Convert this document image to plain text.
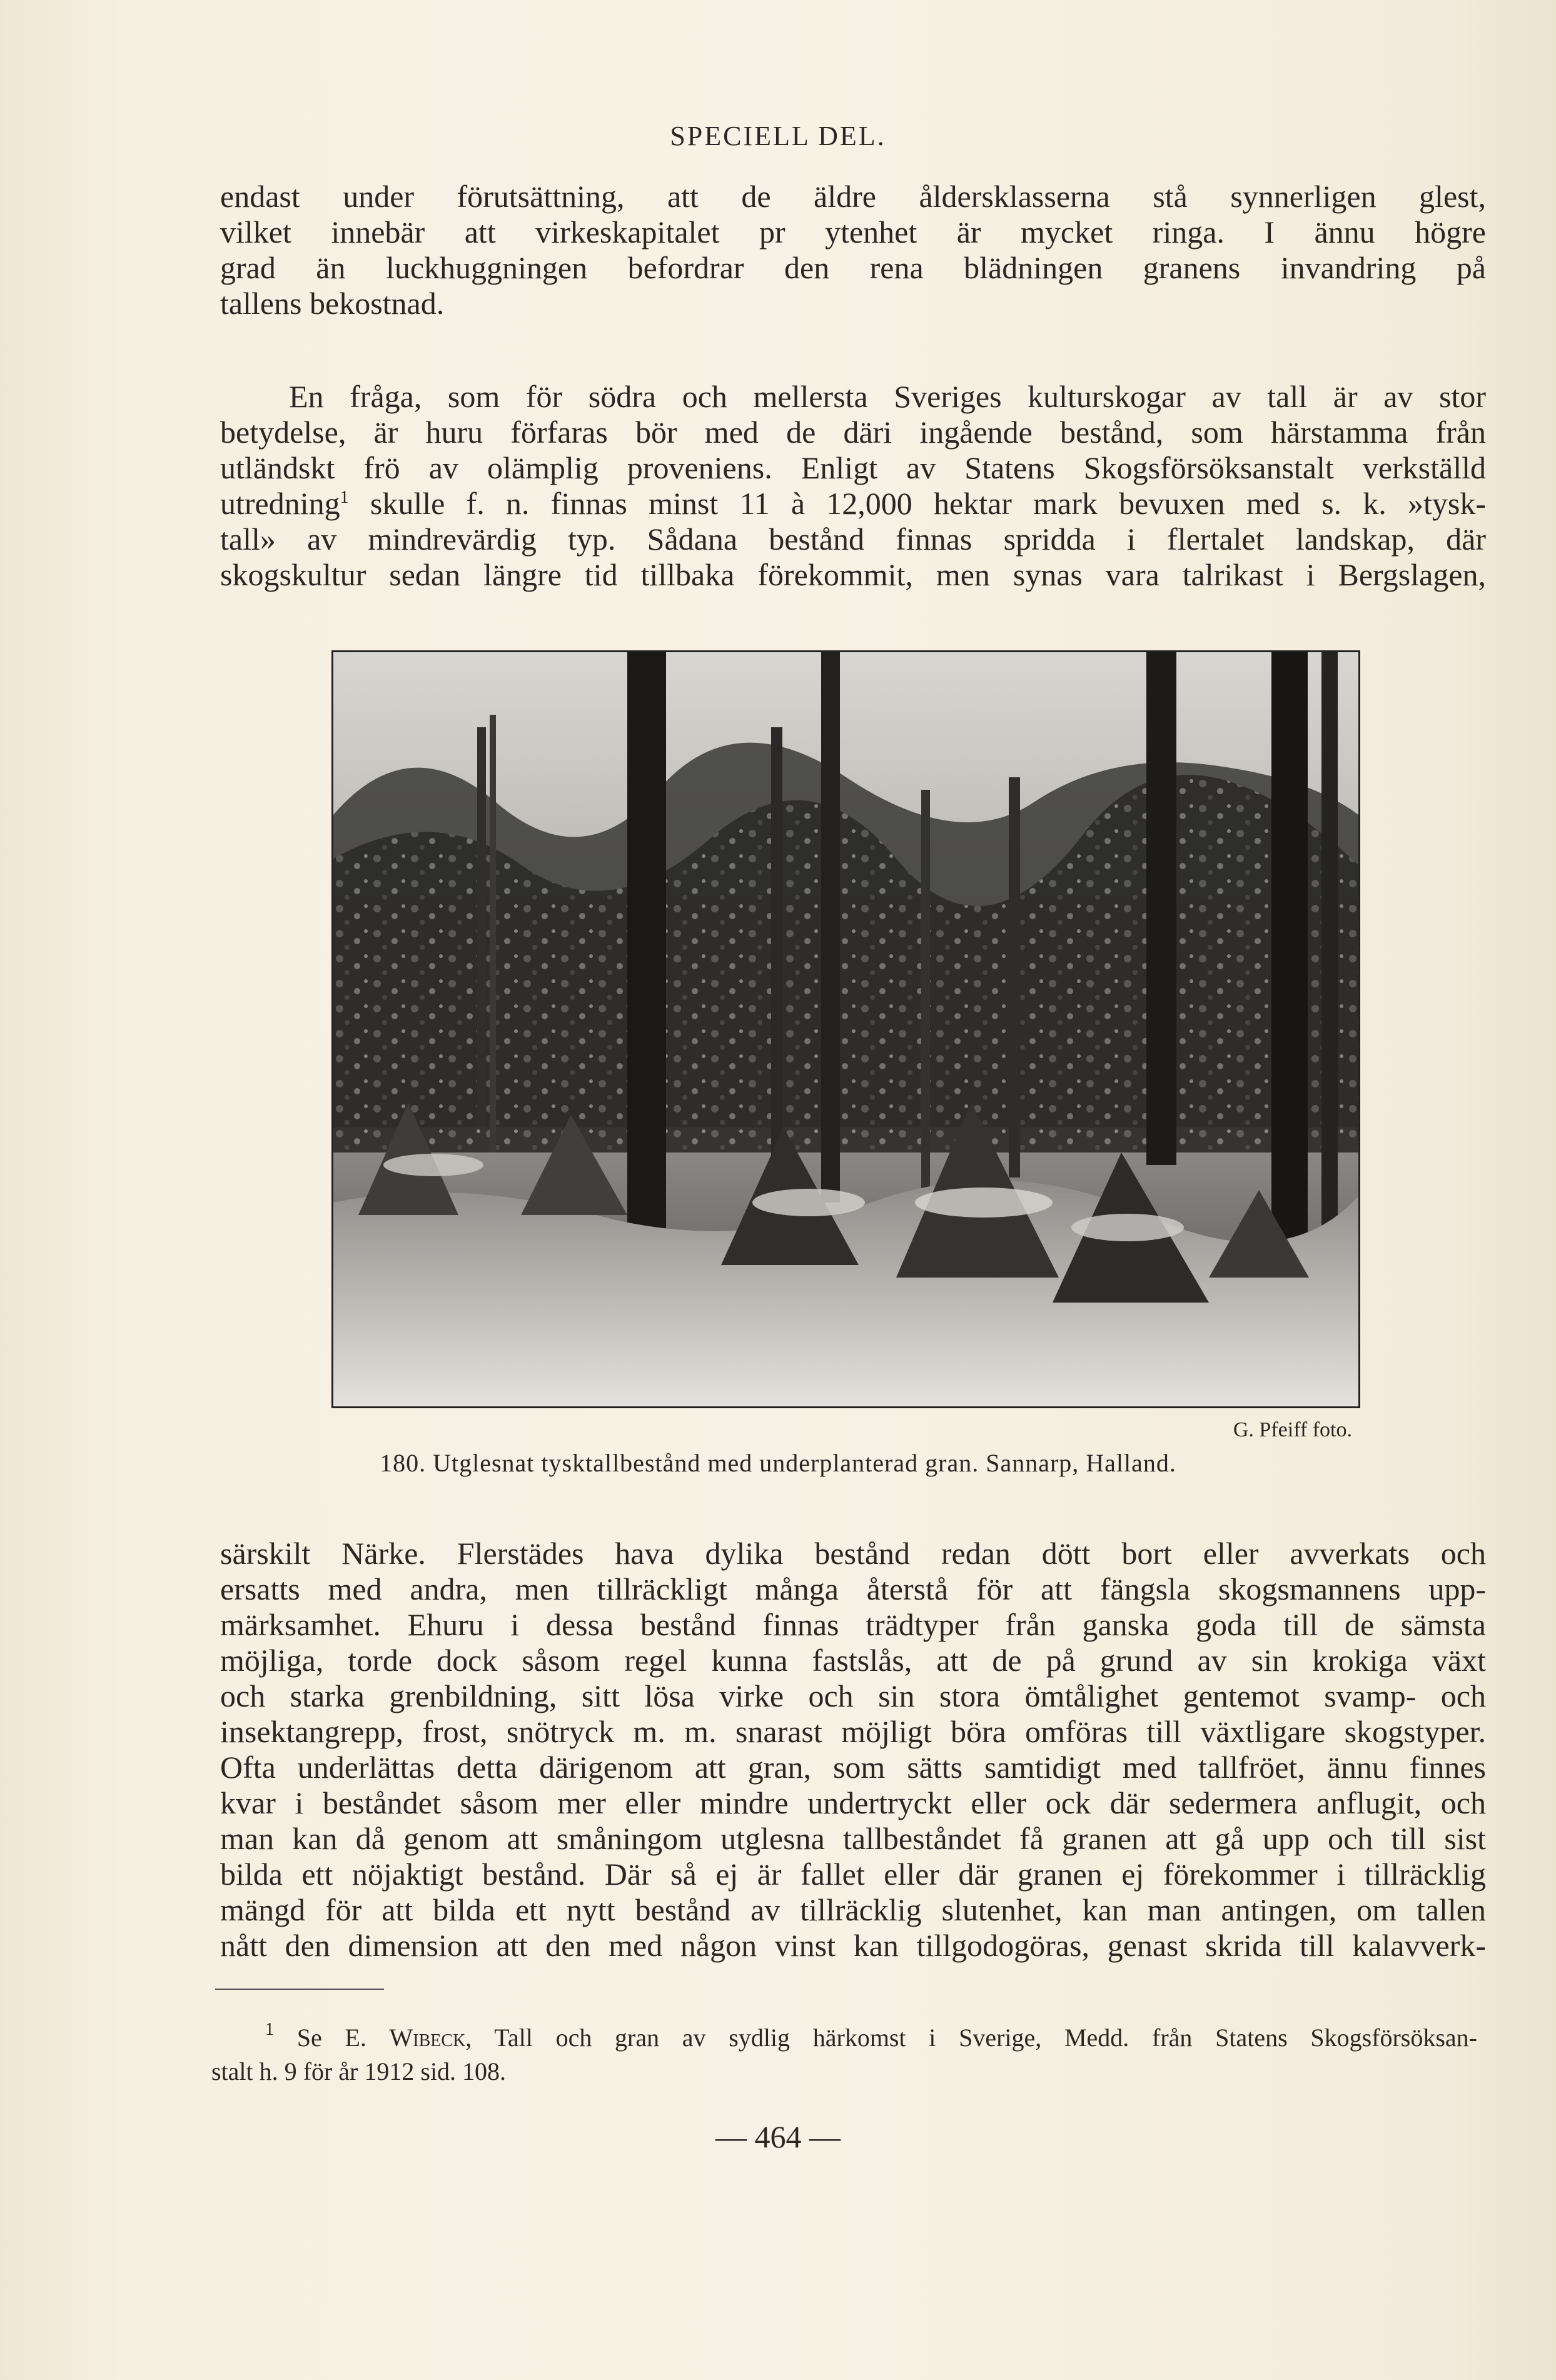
SPECIELL DEL.
endast under förutsättning, att de äldre åldersklasserna stå synnerligen glest,
vilket innebär att virkeskapitalet pr ytenhet är mycket ringa. I ännu högre
grad än luckhuggningen befordrar den rena blädningen granens invandring på
tallens bekostnad.
En fråga, som för södra och mellersta Sveriges kulturskogar av tall är av stor
betydelse, är huru förfaras bör med de däri ingående bestånd, som härstamma från
utländskt frö av olämplig proveniens. Enligt av Statens Skogsförsöksanstalt verkställd
utredning$^1$ skulle f. n. finnas minst 11 à 12,000 hektar mark bevuxen med s. k. »tysk-
tall» av mindrevärdig typ. Sådana bestånd finnas spridda i flertalet landskap, där
skogskultur sedan längre tid tillbaka förekommit, men synas vara talrikast i Bergslagen,
G. Pfeiff foto.
180. Utglesnat tysktallbestånd med underplanterad gran. Sannarp, Halland.
särskilt Närke. Flerstädes hava dylika bestånd redan dött bort eller avverkats och
ersatts med andra, men tillräckligt många återstå för att fängsla skogsmannens upp-
märksamhet. Ehuru i dessa bestånd finnas trädtyper från ganska goda till de sämsta
möjliga, torde dock såsom regel kunna fastslås, att de på grund av sin krokiga växt
och starka grenbildning, sitt lösa virke och sin stora ömtålighet gentemot svamp- och
insektangrepp, frost, snötryck m. m. snarast möjligt böra omföras till växtligare skogstyper.
Ofta underlättas detta därigenom att gran, som sätts samtidigt med tallfröet, ännu finnes
kvar i beståndet såsom mer eller mindre undertryckt eller ock där sedermera anflugit, och
man kan då genom att småningom utglesna tallbeståndet få granen att gå upp och till sist
bilda ett nöjaktigt bestånd. Där så ej är fallet eller där granen ej förekommer i tillräcklig
mängd för att bilda ett nytt bestånd av tillräcklig slutenhet, kan man antingen, om tallen
nått den dimension att den med någon vinst kan tillgodogöras, genast skrida till kalavverk-
$^1$ Se E. Wibeck, Tall och gran av sydlig härkomst i Sverige, Medd. från Statens Skogsförsöksan-
stalt h. 9 för år 1912 sid. 108.
— 464 —
